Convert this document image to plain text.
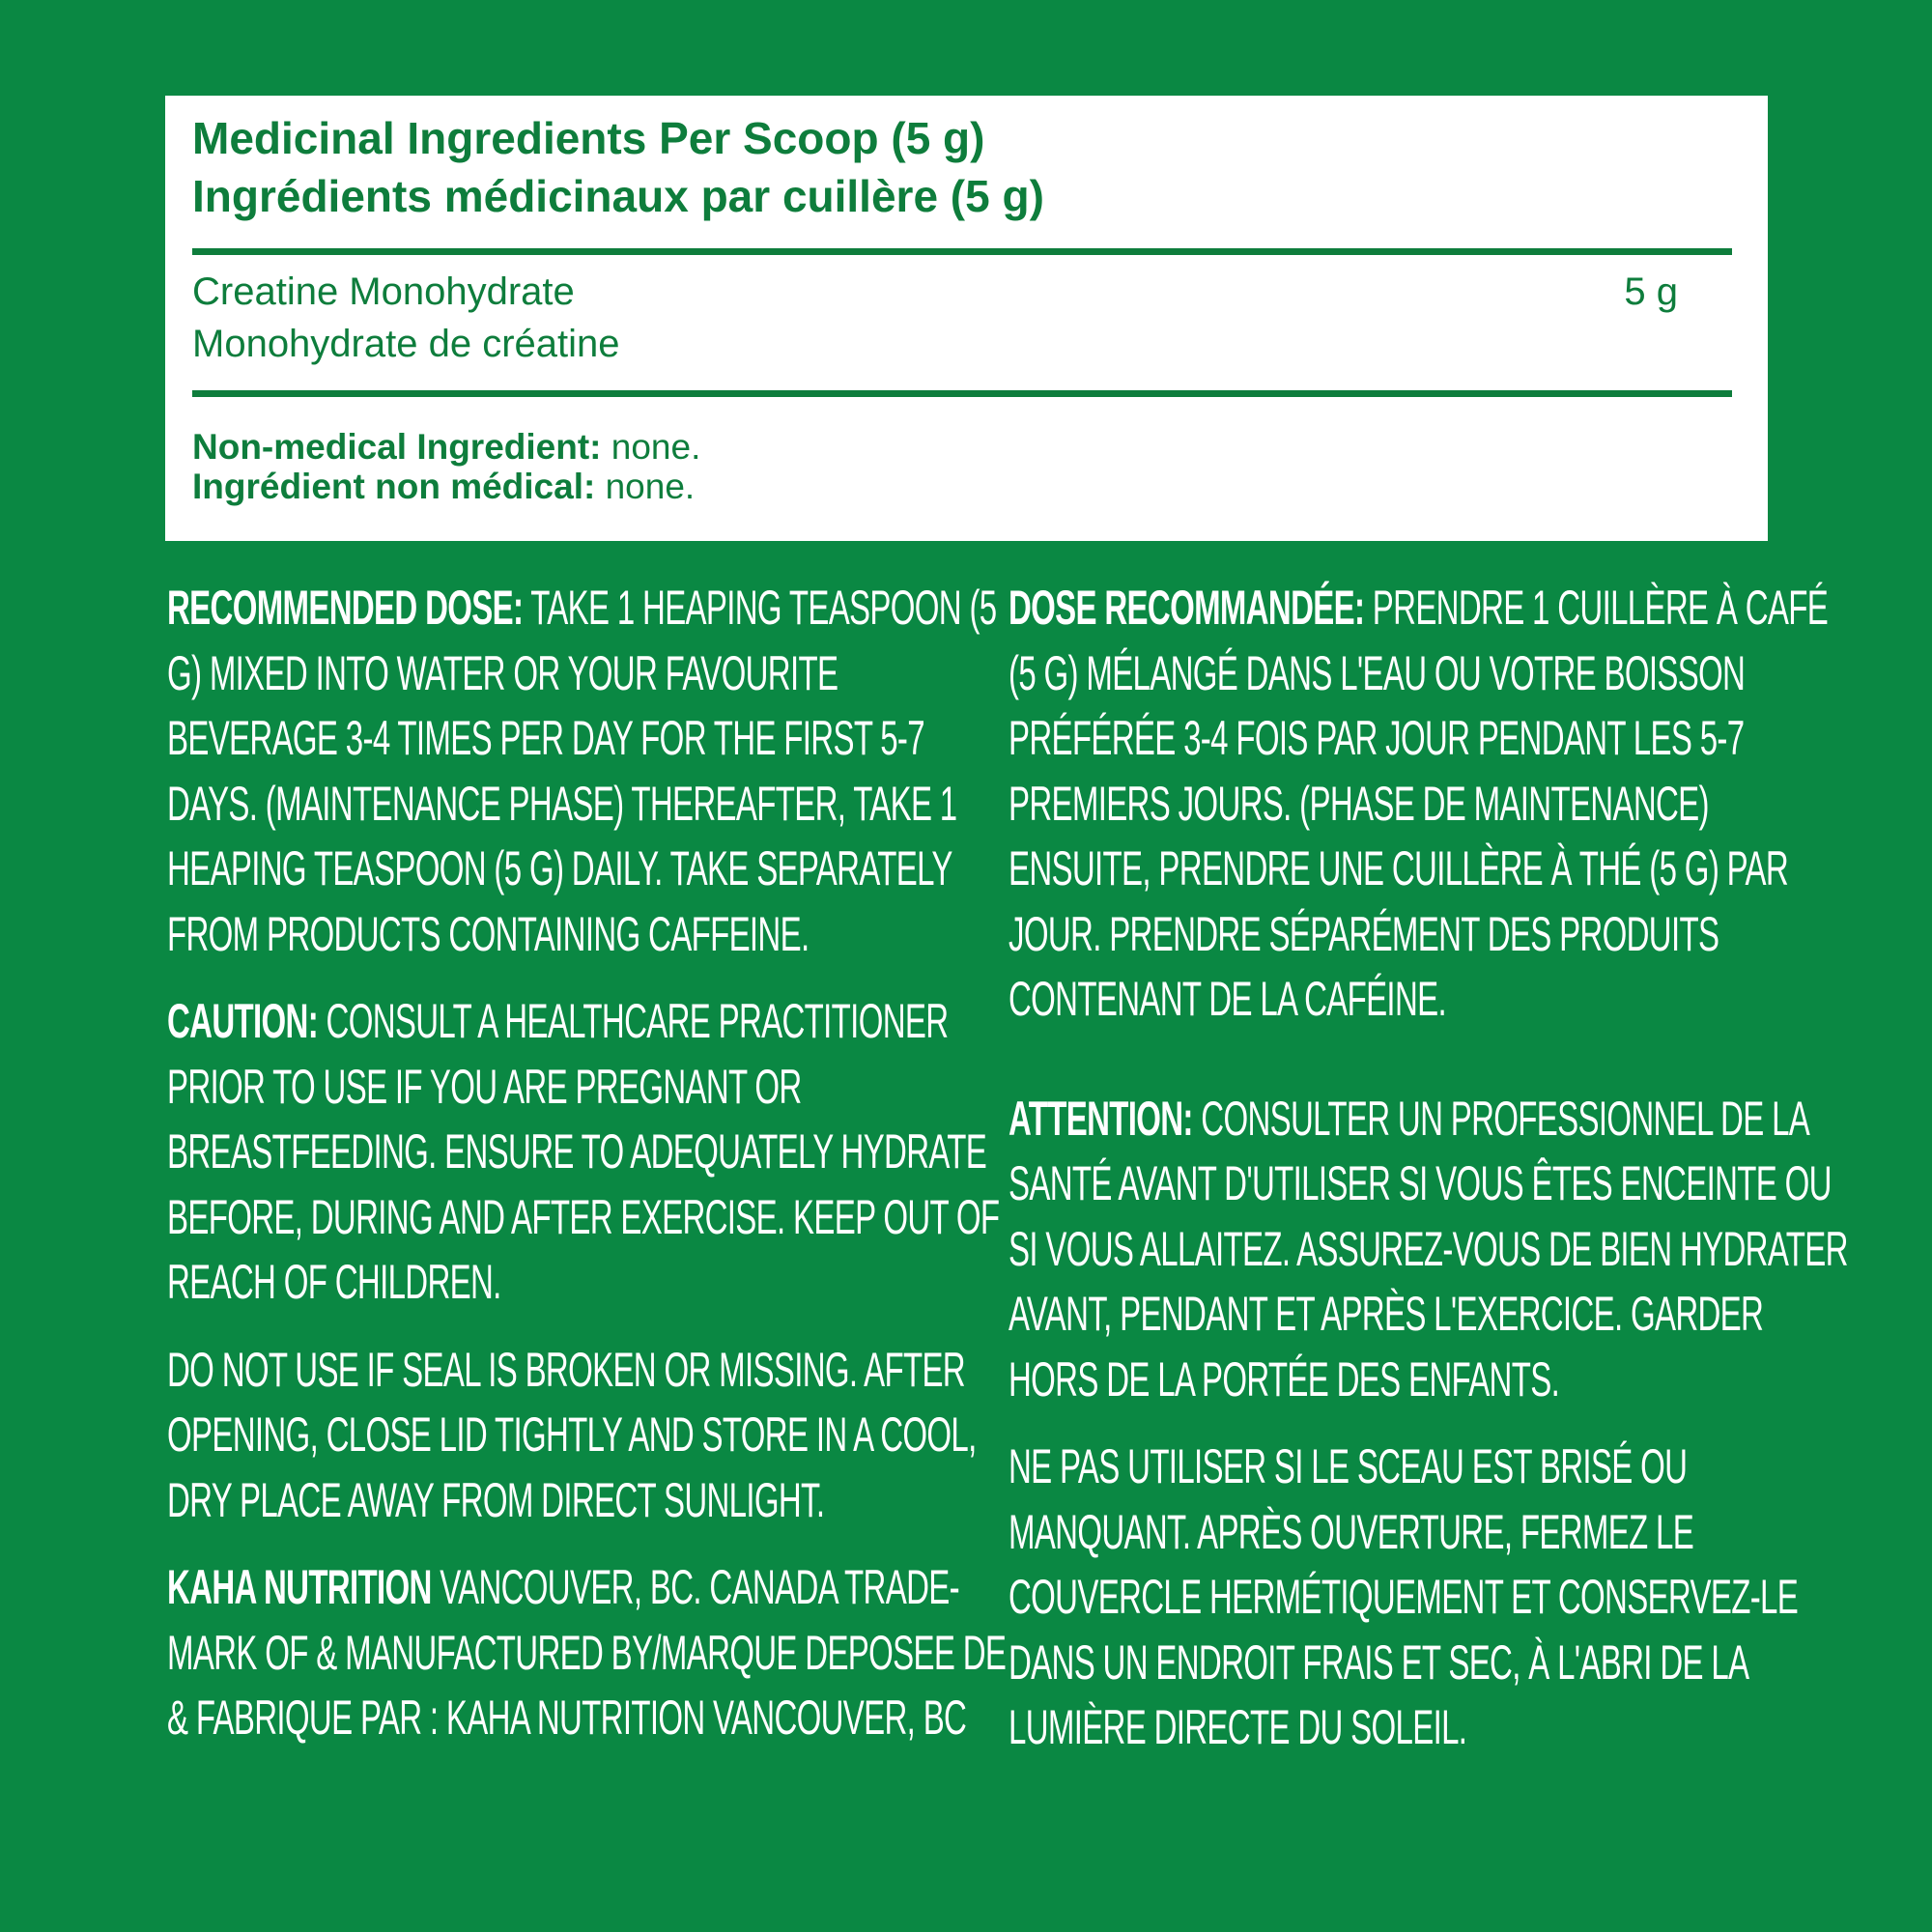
Medicinal Ingredients Per Scoop (5 g)
Ingrédients médicinaux par cuillère (5 g)
Creatine Monohydrate
Monohydrate de créatine
5 g
Non-medical Ingredient: none.
Ingrédient non médical: none.

RECOMMENDED DOSE: TAKE 1 HEAPING TEASPOON (5 G) MIXED INTO WATER OR YOUR FAVOURITE BEVERAGE 3-4 TIMES PER DAY FOR THE FIRST 5-7 DAYS. (MAINTENANCE PHASE) THEREAFTER, TAKE 1 HEAPING TEASPOON (5 G) DAILY. TAKE SEPARATELY FROM PRODUCTS CONTAINING CAFFEINE.

CAUTION: CONSULT A HEALTHCARE PRACTITIONER PRIOR TO USE IF YOU ARE PREGNANT OR BREASTFEEDING. ENSURE TO ADEQUATELY HYDRATE BEFORE, DURING AND AFTER EXERCISE. KEEP OUT OF REACH OF CHILDREN.

DO NOT USE IF SEAL IS BROKEN OR MISSING. AFTER OPENING, CLOSE LID TIGHTLY AND STORE IN A COOL, DRY PLACE AWAY FROM DIRECT SUNLIGHT.

KAHA NUTRITION VANCOUVER, BC. CANADA TRADE-MARK OF & MANUFACTURED BY/MARQUE DEPOSEE DE & FABRIQUE PAR : KAHA NUTRITION VANCOUVER, BC

DOSE RECOMMANDÉE: PRENDRE 1 CUILLÈRE À CAFÉ (5 G) MÉLANGÉ DANS L'EAU OU VOTRE BOISSON PRÉFÉRÉE 3-4 FOIS PAR JOUR PENDANT LES 5-7 PREMIERS JOURS. (PHASE DE MAINTENANCE) ENSUITE, PRENDRE UNE CUILLÈRE À THÉ (5 G) PAR JOUR. PRENDRE SÉPARÉMENT DES PRODUITS CONTENANT DE LA CAFÉINE.

ATTENTION: CONSULTER UN PROFESSIONNEL DE LA SANTÉ AVANT D'UTILISER SI VOUS ÊTES ENCEINTE OU SI VOUS ALLAITEZ. ASSUREZ-VOUS DE BIEN HYDRATER AVANT, PENDANT ET APRÈS L'EXERCICE. GARDER HORS DE LA PORTÉE DES ENFANTS.

NE PAS UTILISER SI LE SCEAU EST BRISÉ OU MANQUANT. APRÈS OUVERTURE, FERMEZ LE COUVERCLE HERMÉTIQUEMENT ET CONSERVEZ-LE DANS UN ENDROIT FRAIS ET SEC, À L'ABRI DE LA LUMIÈRE DIRECTE DU SOLEIL.
